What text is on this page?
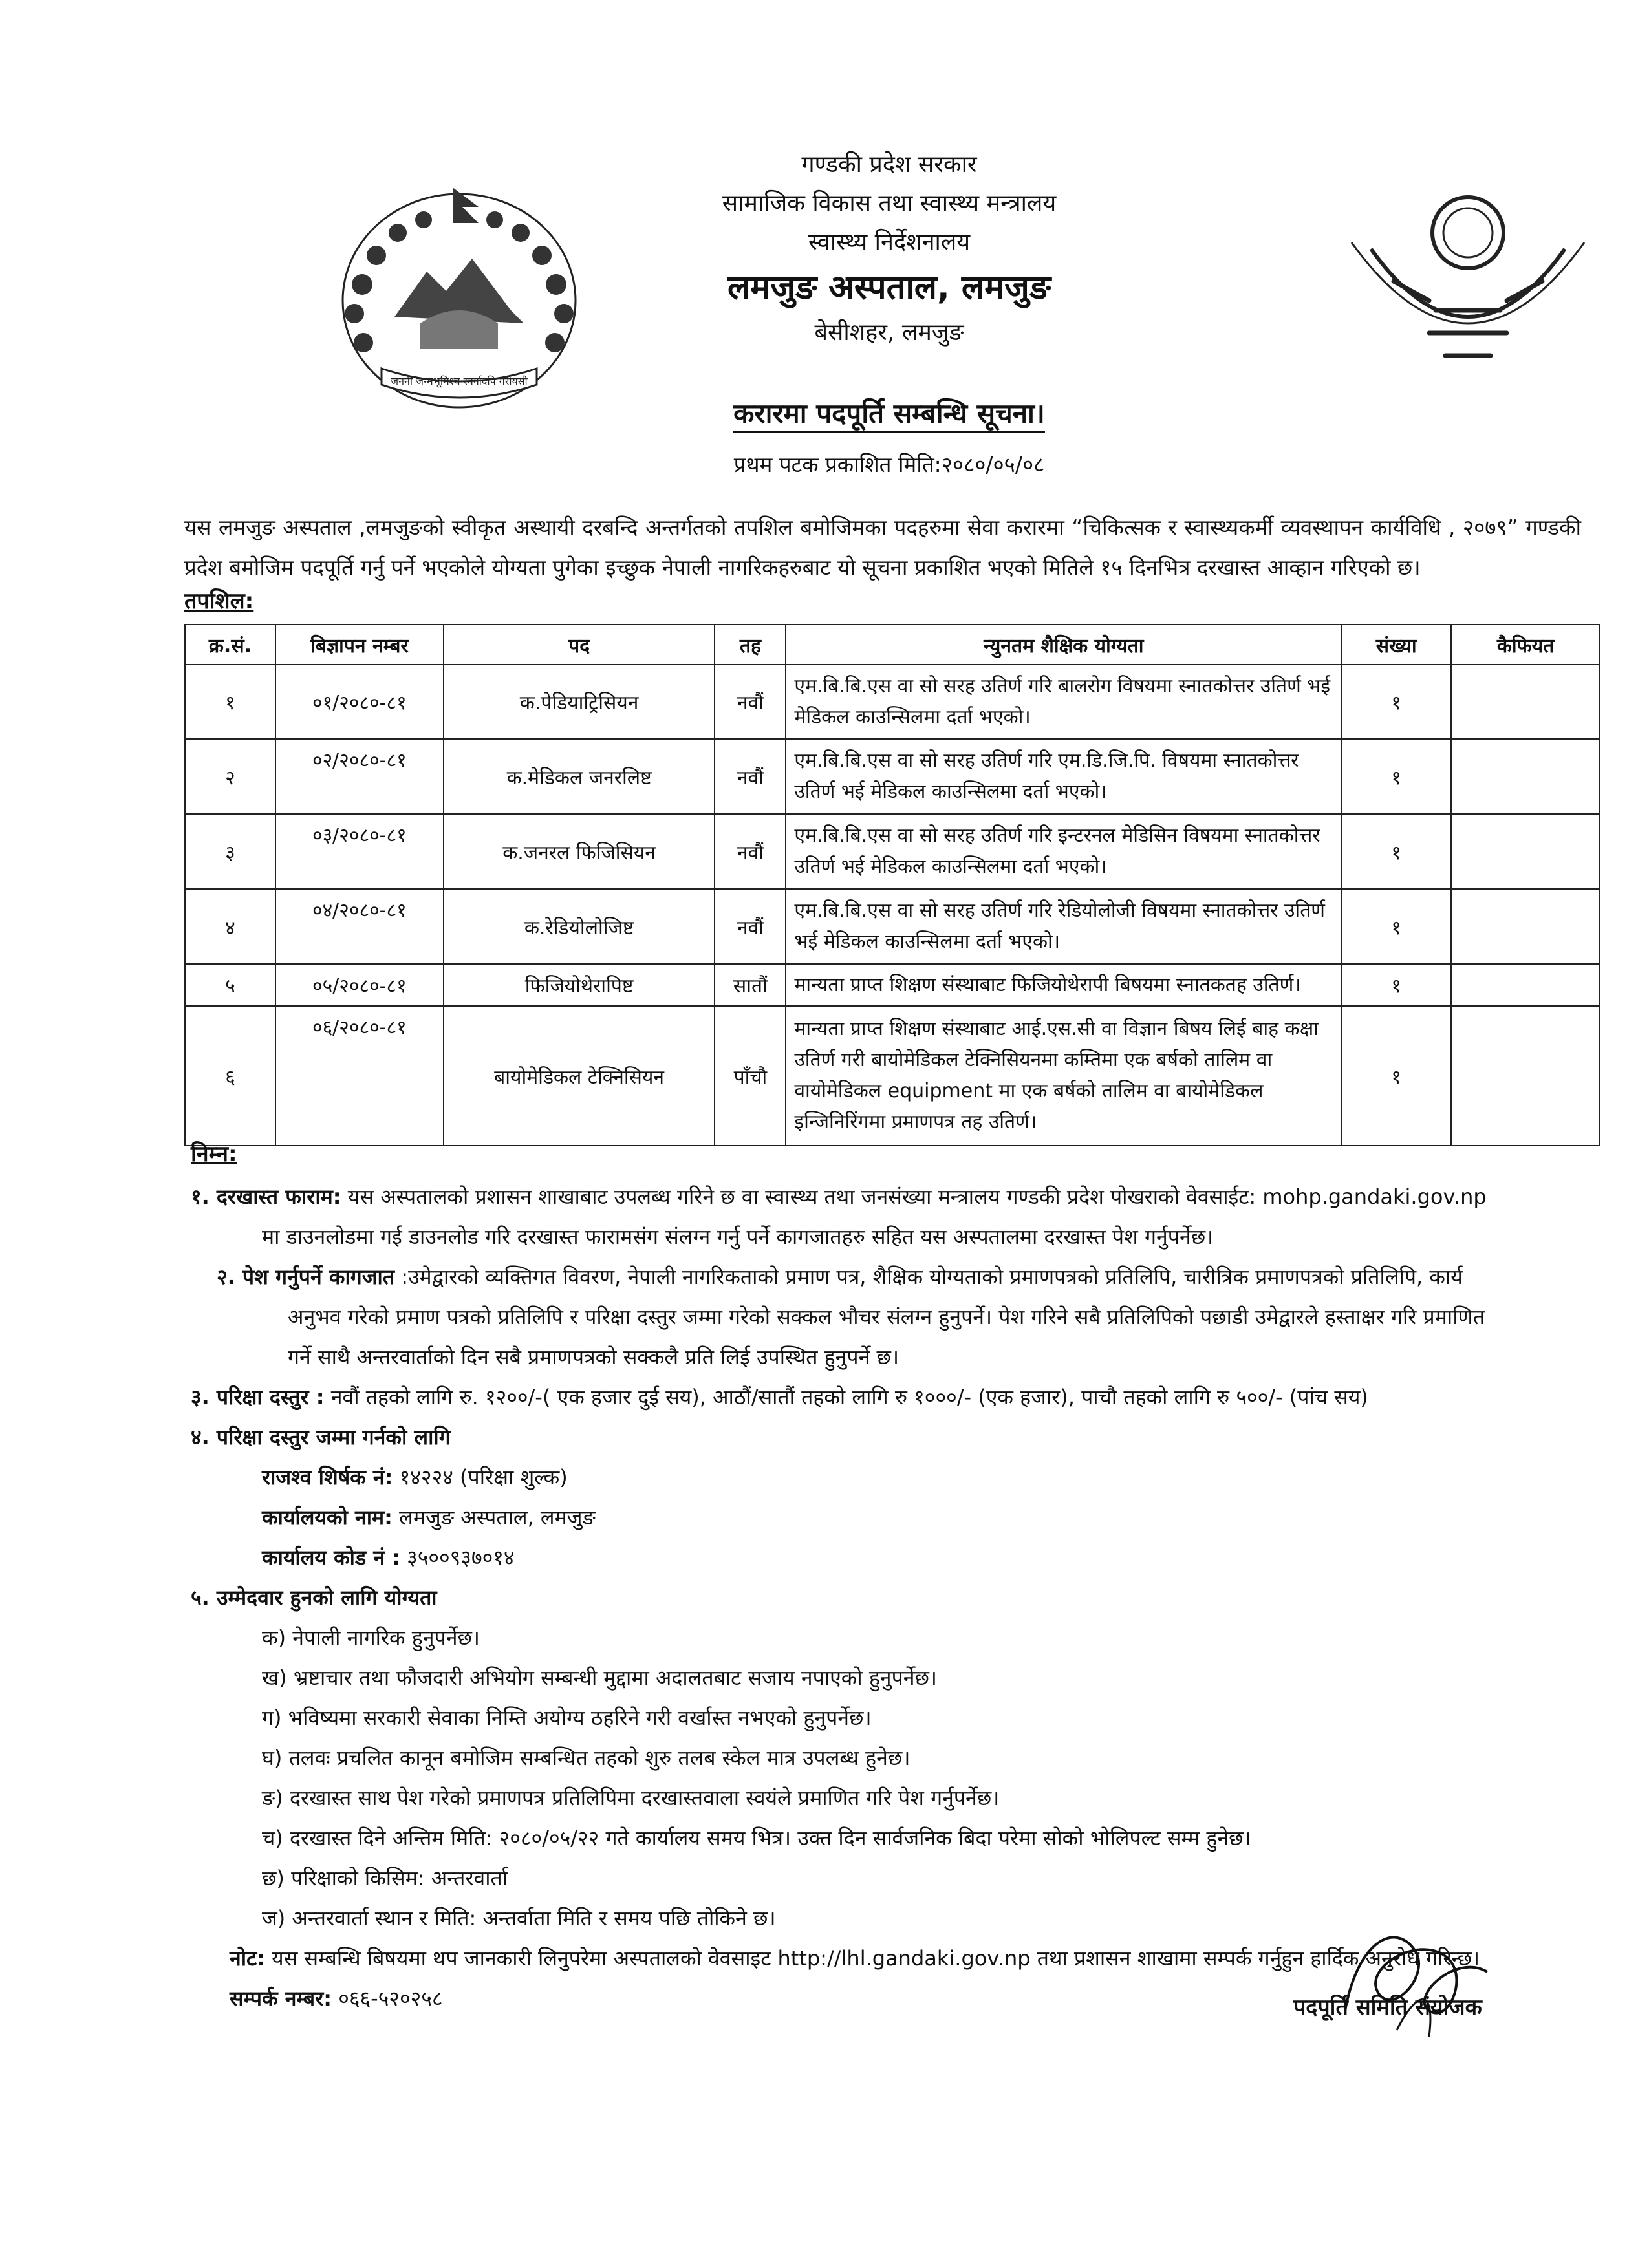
जननी जन्मभूमिश्च स्वर्गादपि गरीयसी
गण्डकी प्रदेश सरकार
सामाजिक विकास तथा स्वास्थ्य मन्त्रालय
स्वास्थ्य निर्देशनालय
लमजुङ अस्पताल, लमजुङ
बेसीशहर, लमजुङ
गण्डकी प्रदेश सरकार सामाजिक विकास तथा स्वास्थ्य मन्त्रालय स्वास्थ्य निर्देशनालय लमजुङ अस्पताल लमजुङ
करारमा पदपूर्ति सम्बन्धि सूचना।
प्रथम पटक प्रकाशित मिति:२०८०/०५/०८
यस लमजुङ अस्पताल ,लमजुङको स्वीकृत अस्थायी दरबन्दि अन्तर्गतको तपशिल बमोजिमका पदहरुमा सेवा करारमा “चिकित्सक र स्वास्थ्यकर्मी व्यवस्थापन कार्यविधि , २०७९” गण्डकी प्रदेश बमोजिम पदपूर्ति गर्नु पर्ने भएकोले योग्यता पुगेका इच्छुक नेपाली नागरिकहरुबाट यो सूचना प्रकाशित भएको मितिले १५ दिनभित्र दरखास्त आव्हान गरिएको छ।
तपशिल:
क्र.सं.	बिज्ञापन नम्बर	पद	तह	न्युनतम शैक्षिक योग्यता	संख्या	कैफियत
१	०१/२०८०-८१	क.पेडियाट्रिसियन	नवौं	एम.बि.बि.एस वा सो सरह उतिर्ण गरि बालरोग विषयमा स्नातकोत्तर उतिर्ण भई मेडिकल काउन्सिलमा दर्ता भएको।	१	
२	०२/२०८०-८१	क.मेडिकल जनरलिष्ट	नवौं	एम.बि.बि.एस वा सो सरह उतिर्ण गरि एम.डि.जि.पि. विषयमा स्नातकोत्तर उतिर्ण भई मेडिकल काउन्सिलमा दर्ता भएको।	१	
३	०३/२०८०-८१	क.जनरल फिजिसियन	नवौं	एम.बि.बि.एस वा सो सरह उतिर्ण गरि इन्टरनल मेडिसिन विषयमा स्नातकोत्तर उतिर्ण भई मेडिकल काउन्सिलमा दर्ता भएको।	१	
४	०४/२०८०-८१	क.रेडियोलोजिष्ट	नवौं	एम.बि.बि.एस वा सो सरह उतिर्ण गरि रेडियोलोजी विषयमा स्नातकोत्तर उतिर्ण भई मेडिकल काउन्सिलमा दर्ता भएको।	१	
५	०५/२०८०-८१	फिजियोथेरापिष्ट	सातौं	मान्यता प्राप्त शिक्षण संस्थाबाट फिजियोथेरापी बिषयमा स्नातकतह उतिर्ण।	१	
६	०६/२०८०-८१	बायोमेडिकल टेक्निसियन	पाँचौ	मान्यता प्राप्त शिक्षण संस्थाबाट आई.एस.सी वा विज्ञान बिषय लिई बाह कक्षा उतिर्ण गरी बायोमेडिकल टेक्निसियनमा कम्तिमा एक बर्षको तालिम वा वायोमेडिकल equipment मा एक बर्षको तालिम वा बायोमेडिकल इन्जिनिरिंगमा प्रमाणपत्र तह उतिर्ण।	१	
निम्न:

१. दरखास्त फाराम: यस अस्पतालको प्रशासन शाखाबाट उपलब्ध गरिने छ वा स्वास्थ्य तथा जनसंख्या मन्त्रालय गण्डकी प्रदेश पोखराको वेवसाईट: mohp.gandaki.gov.np

मा डाउनलोडमा गई डाउनलोड गरि दरखास्त फारामसंग संलग्न गर्नु पर्ने कागजातहरु सहित यस अस्पतालमा दरखास्त पेश गर्नुपर्नेछ।

२. पेश गर्नुपर्ने कागजात :उमेद्वारको व्यक्तिगत विवरण, नेपाली नागरिकताको प्रमाण पत्र, शैक्षिक योग्यताको प्रमाणपत्रको प्रतिलिपि, चारीत्रिक प्रमाणपत्रको प्रतिलिपि, कार्य

अनुभव गरेको प्रमाण पत्रको प्रतिलिपि र परिक्षा दस्तुर जम्मा गरेको सक्कल भौचर संलग्न हुनुपर्ने। पेश गरिने सबै प्रतिलिपिको पछाडी उमेद्वारले हस्ताक्षर गरि प्रमाणित

गर्ने साथै अन्तरवार्ताको दिन सबै प्रमाणपत्रको सक्कलै प्रति लिई उपस्थित हुनुपर्ने छ।

३. परिक्षा दस्तुर : नवौं तहको लागि रु. १२००/-( एक हजार दुई सय), आठौं/सातौं तहको लागि रु १०००/- (एक हजार), पाचौ तहको लागि रु ५००/- (पांच सय)

४. परिक्षा दस्तुर जम्मा गर्नको लागि

राजश्व शिर्षक नं: १४२२४ (परिक्षा शुल्क)

कार्यालयको नाम: लमजुङ अस्पताल, लमजुङ

कार्यालय कोड नं : ३५००९३७०१४

५. उम्मेदवार हुनको लागि योग्यता

क) नेपाली नागरिक हुनुपर्नेछ।

ख) भ्रष्टाचार तथा फौजदारी अभियोग सम्बन्धी मुद्दामा अदालतबाट सजाय नपाएको हुनुपर्नेछ।

ग) भविष्यमा सरकारी सेवाका निम्ति अयोग्य ठहरिने गरी वर्खास्त नभएको हुनुपर्नेछ।

घ) तलवः प्रचलित कानून बमोजिम सम्बन्धित तहको शुरु तलब स्केल मात्र उपलब्ध हुनेछ।

ङ) दरखास्त साथ पेश गरेको प्रमाणपत्र प्रतिलिपिमा दरखास्तवाला स्वयंले प्रमाणित गरि पेश गर्नुपर्नेछ।

च) दरखास्त दिने अन्तिम मिति: २०८०/०५/२२ गते कार्यालय समय भित्र। उक्त दिन सार्वजनिक बिदा परेमा सोको भोलिपल्ट सम्म हुनेछ।

छ) परिक्षाको किसिम: अन्तरवार्ता

ज) अन्तरवार्ता स्थान र मिति: अन्तर्वाता मिति र समय पछि तोकिने छ।

नोट: यस सम्बन्धि बिषयमा थप जानकारी लिनुपरेमा अस्पतालको वेवसाइट http://lhl.gandaki.gov.np तथा प्रशासन शाखामा सम्पर्क गर्नुहुन हार्दिक अनुरोध गरिन्छ।

सम्पर्क नम्बर: ०६६-५२०२५८	पदपूर्ति समिति संयोजक
